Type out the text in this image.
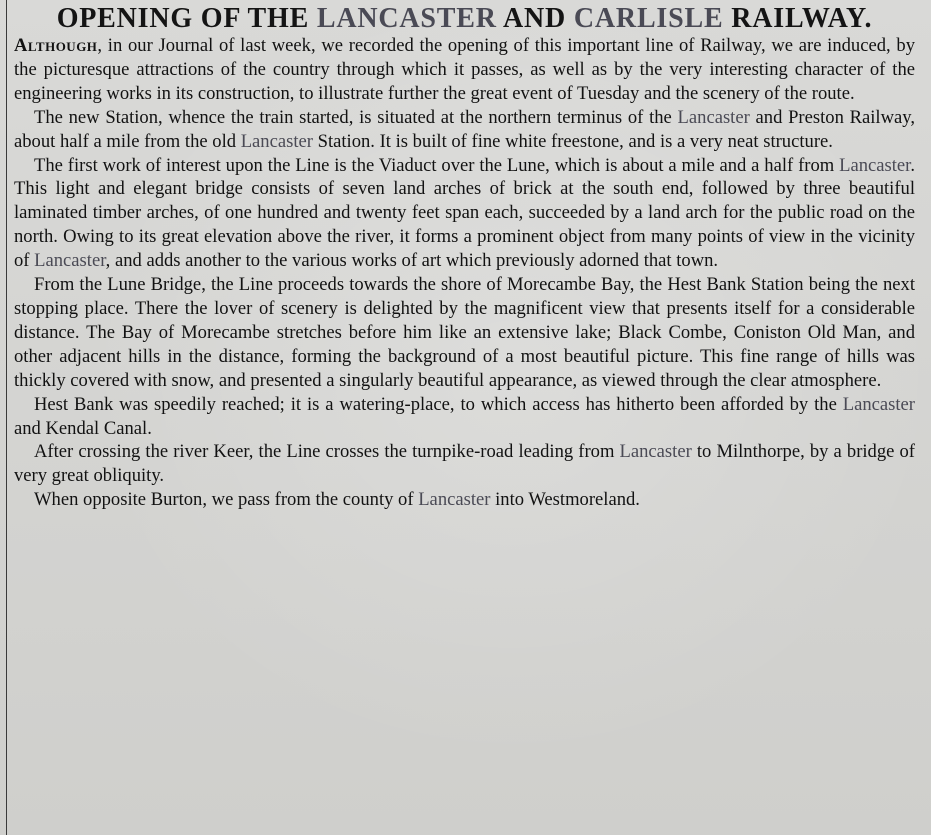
OPENING OF THE LANCASTER AND CARLISLE RAILWAY.

Although, in our Journal of last week, we recorded the opening of this important line of Railway, we are induced, by the picturesque attractions of the country through which it passes, as well as by the very interesting character of the engineering works in its construction, to illustrate further the great event of Tuesday and the scenery of the route.

The new Station, whence the train started, is situated at the northern terminus of the Lancaster and Preston Railway, about half a mile from the old Lancaster Station. It is built of fine white freestone, and is a very neat structure.

The first work of interest upon the Line is the Viaduct over the Lune, which is about a mile and a half from Lancaster. This light and elegant bridge consists of seven land arches of brick at the south end, followed by three beautiful laminated timber arches, of one hundred and twenty feet span each, succeeded by a land arch for the public road on the north. Owing to its great elevation above the river, it forms a prominent object from many points of view in the vicinity of Lancaster, and adds another to the various works of art which previously adorned that town.

From the Lune Bridge, the Line proceeds towards the shore of Morecambe Bay, the Hest Bank Station being the next stopping place. There the lover of scenery is delighted by the magnificent view that presents itself for a considerable distance. The Bay of Morecambe stretches before him like an extensive lake; Black Combe, Coniston Old Man, and other adjacent hills in the distance, forming the background of a most beautiful picture. This fine range of hills was thickly covered with snow, and presented a singularly beautiful appearance, as viewed through the clear atmosphere.

Hest Bank was speedily reached; it is a watering-place, to which access has hitherto been afforded by the Lancaster and Kendal Canal.

After crossing the river Keer, the Line crosses the turnpike-road leading from Lancaster to Milnthorpe, by a bridge of very great obliquity.

When opposite Burton, we pass from the county of Lancaster into Westmoreland.
